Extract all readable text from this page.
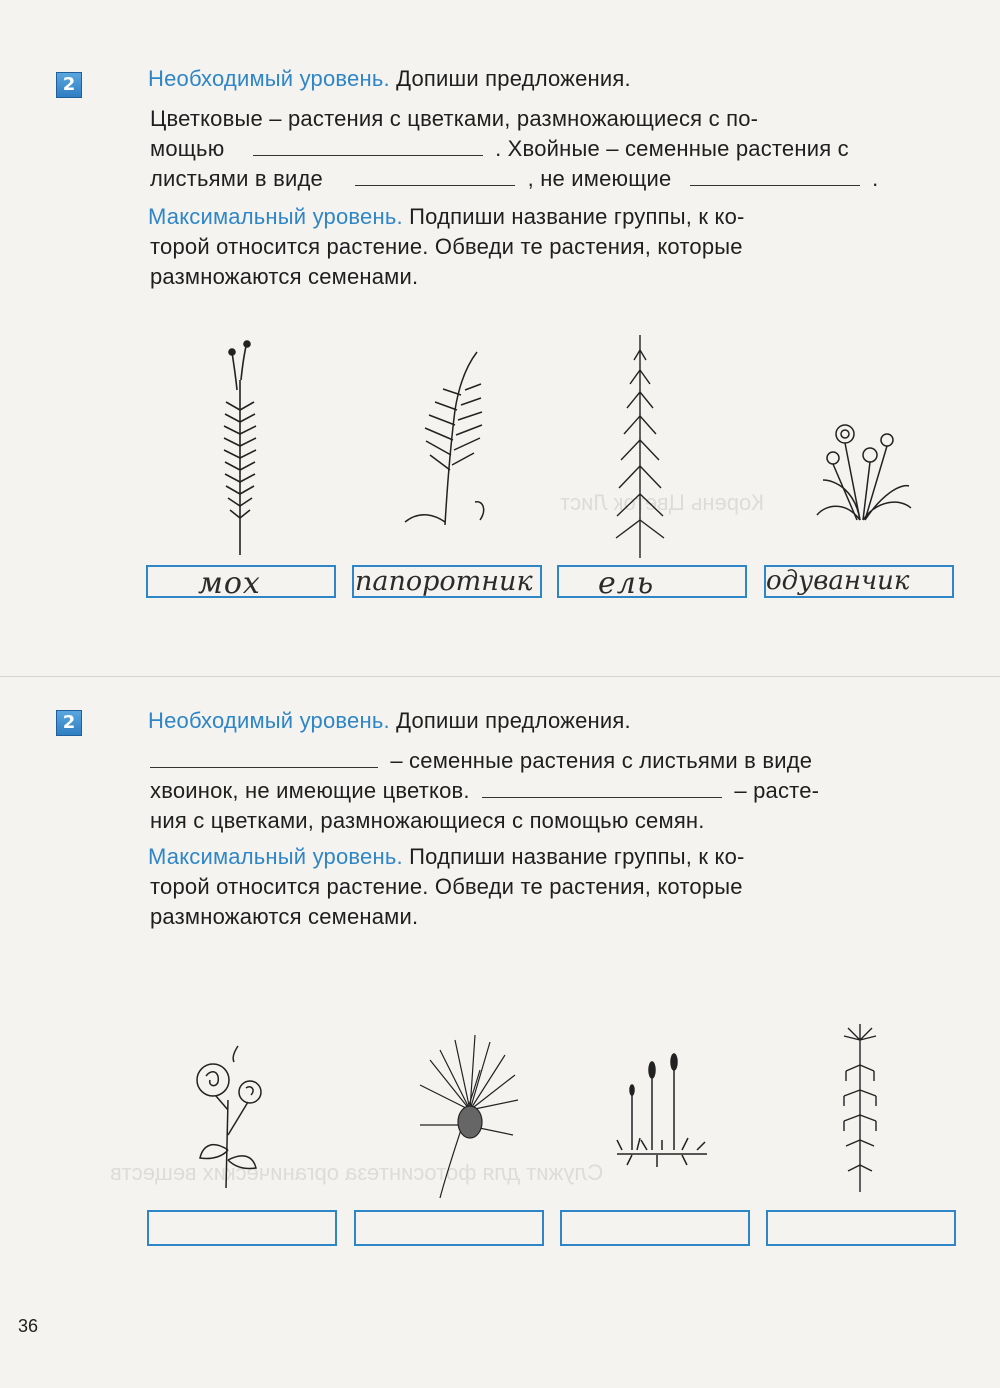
Корень Цветок Лист
Служит для фотосинтеза органических веществ
2	Необходимый уровень. Допиши предложения.
Цветковые – растения с цветками, размножающиеся с по-
мощью	. Хвойные – семенные растения с
листьями в виде	, не имеющие	.
Максимальный уровень. Подпиши название группы, к ко-
торой относится растение. Обведи те растения, которые
размножаются семенами.
мох	папоротник ель	одуванчик
2	Необходимый уровень. Допиши предложения.
– семенные растения с листьями в виде
хвоинок, не имеющие цветков.	– расте-
ния с цветками, размножающиеся с помощью семян.
Максимальный уровень. Подпиши название группы, к ко-
торой относится растение. Обведи те растения, которые
размножаются семенами.
36
